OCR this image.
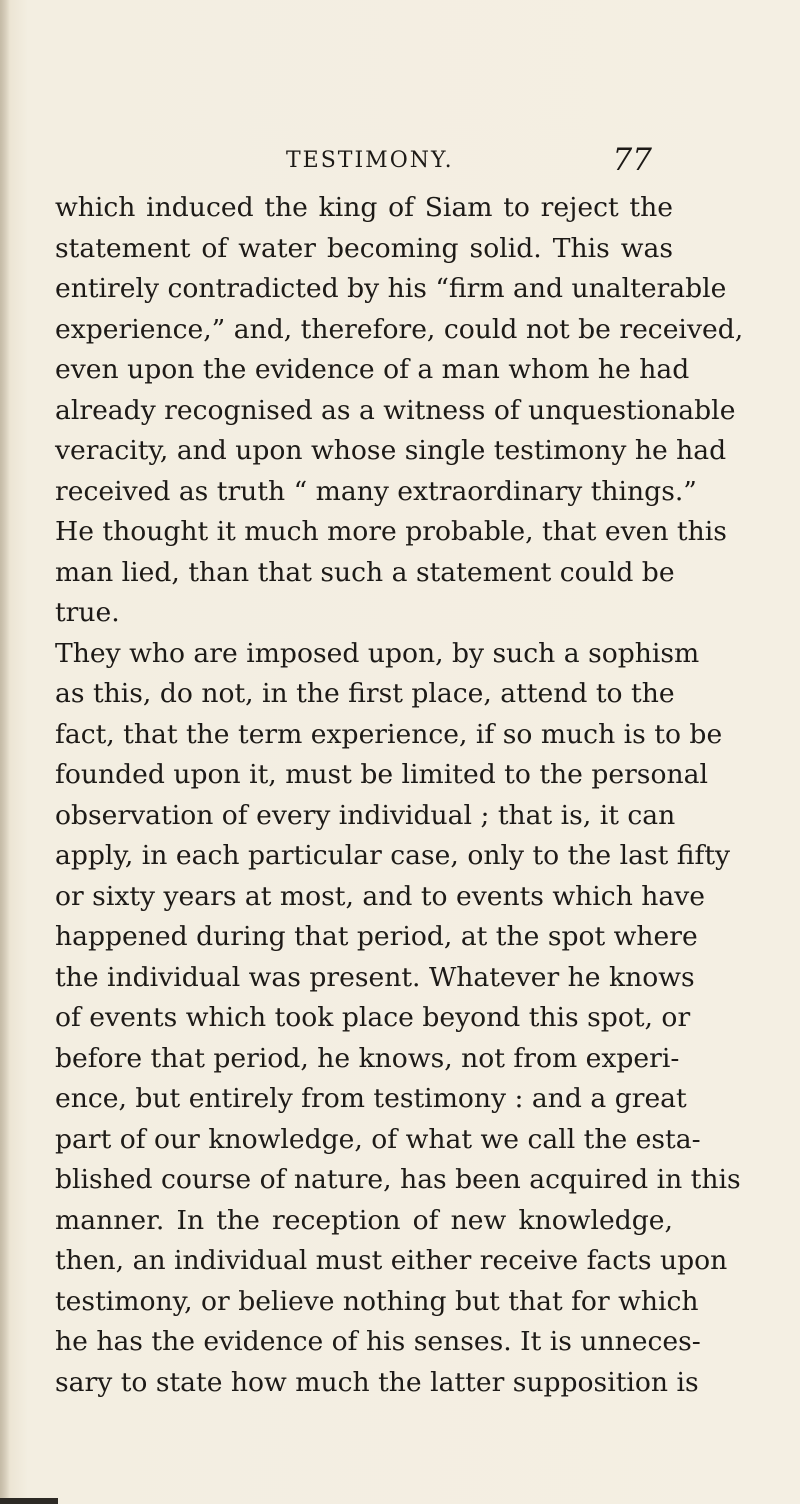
TESTIMONY.	77
which induced the king of Siam to reject the
statement of water becoming solid. This was
entirely contradicted by his “firm and unalterable
experience,” and, therefore, could not be received,
even upon the evidence of a man whom he had
already recognised as a witness of unquestionable
veracity, and upon whose single testimony he had
received as truth “ many extraordinary things.”
He thought it much more probable, that even this
man lied, than that such a statement could be
true.
They who are imposed upon, by such a sophism
as this, do not, in the first place, attend to the
fact, that the term experience, if so much is to be
founded upon it, must be limited to the personal
observation of every individual ; that is, it can
apply, in each particular case, only to the last fifty
or sixty years at most, and to events which have
happened during that period, at the spot where
the individual was present. Whatever he knows
of events which took place beyond this spot, or
before that period, he knows, not from experi-
ence, but entirely from testimony : and a great
part of our knowledge, of what we call the esta-
blished course of nature, has been acquired in this
manner. In the reception of new knowledge,
then, an individual must either receive facts upon
testimony, or believe nothing but that for which
he has the evidence of his senses. It is unneces-
sary to state how much the latter supposition is
